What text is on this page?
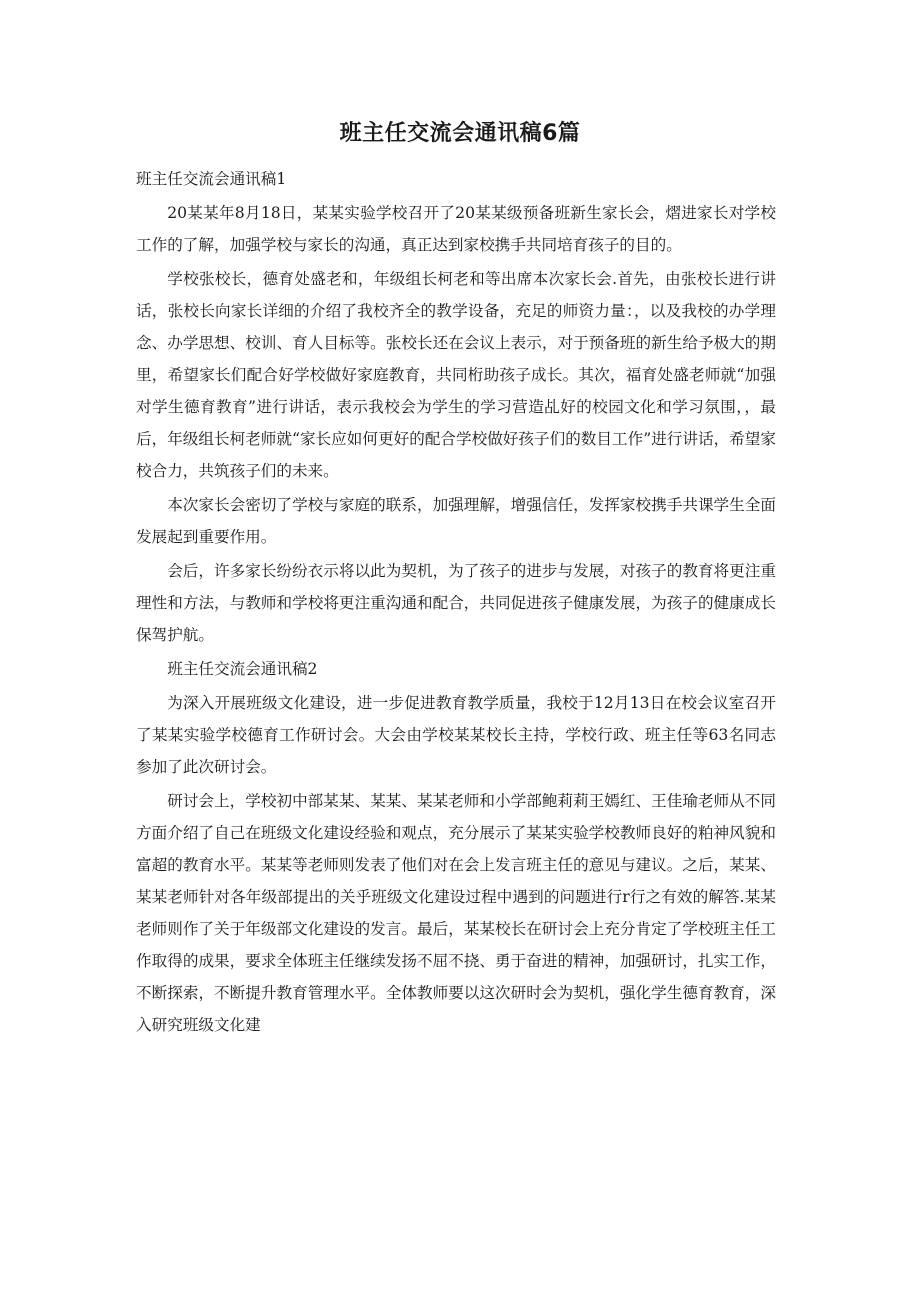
班主任交流会通讯稿6篇

班主任交流会通讯稿1

20某某年8月18日，某某实验学校召开了20某某级预备班新生家长会，熠进家长对学校工作的了解，加强学校与家长的沟通，真正达到家校携手共同培育孩子的目的。

学校张校长，德育处盛老和，年级组长柯老和等出席本次家长会.首先，由张校长进行讲话，张校长向家长详细的介绍了我校齐全的教学设备，充足的师资力量：，以及我校的办学理念、办学思想、校训、育人目标等。张校长还在会议上表示，对于预备班的新生给予极大的期里，希望家长们配合好学校做好家庭教育，共同桁助孩子成长。其次，福育处盛老师就“加强对学生德育教育”进行讲话，表示我校会为学生的学习营造乩好的校园文化和学习氛围，，最后，年级组长柯老师就“家长应如何更好的配合学校做好孩子们的数目工作”进行讲话，希望家校合力，共筑孩子们的未来。

本次家长会密切了学校与家庭的联系，加强理解，增强信任，发挥家校携手共课学生全面发展起到重要作用。

会后，许多家长纷纷衣示将以此为契机，为了孩子的进步与发展，对孩子的教育将更注重理性和方法，与教师和学校将更注重沟通和配合，共同促进孩子健康发展，为孩子的健康成长保驾护航。

班主任交流会通讯稿2

为深入开展班级文化建设，进一步促进教育教学质量，我校于12月13日在校会议室召开了某某实验学校德育工作研讨会。大会由学校某某校长主持，学校行政、班主任等63名同志参加了此次研讨会。

研讨会上，学校初中部某某、某某、某某老师和小学部鲍莉莉王嫣红、王佳瑜老师从不同方面介绍了自己在班级文化建设经验和观点，充分展示了某某实验学校教师良好的粕神风貌和富超的教育水平。某某等老师则发表了他们对在会上发言班主任的意见与建议。之后，某某、某某老师针对各年级部提出的关乎班级文化建设过程中遇到的问题进行r行之有效的解答.某某老师则作了关于年级部文化建设的发言。最后，某某校长在研讨会上充分肯定了学校班主任工作取得的成果，要求全体班主任继续发扬不屈不挠、勇于奋进的精神，加强研讨，扎实工作，不断探索，不断提升教育管理水平。全体教师要以这次研时会为契机，强化学生德育教育，深入研究班级文化建
